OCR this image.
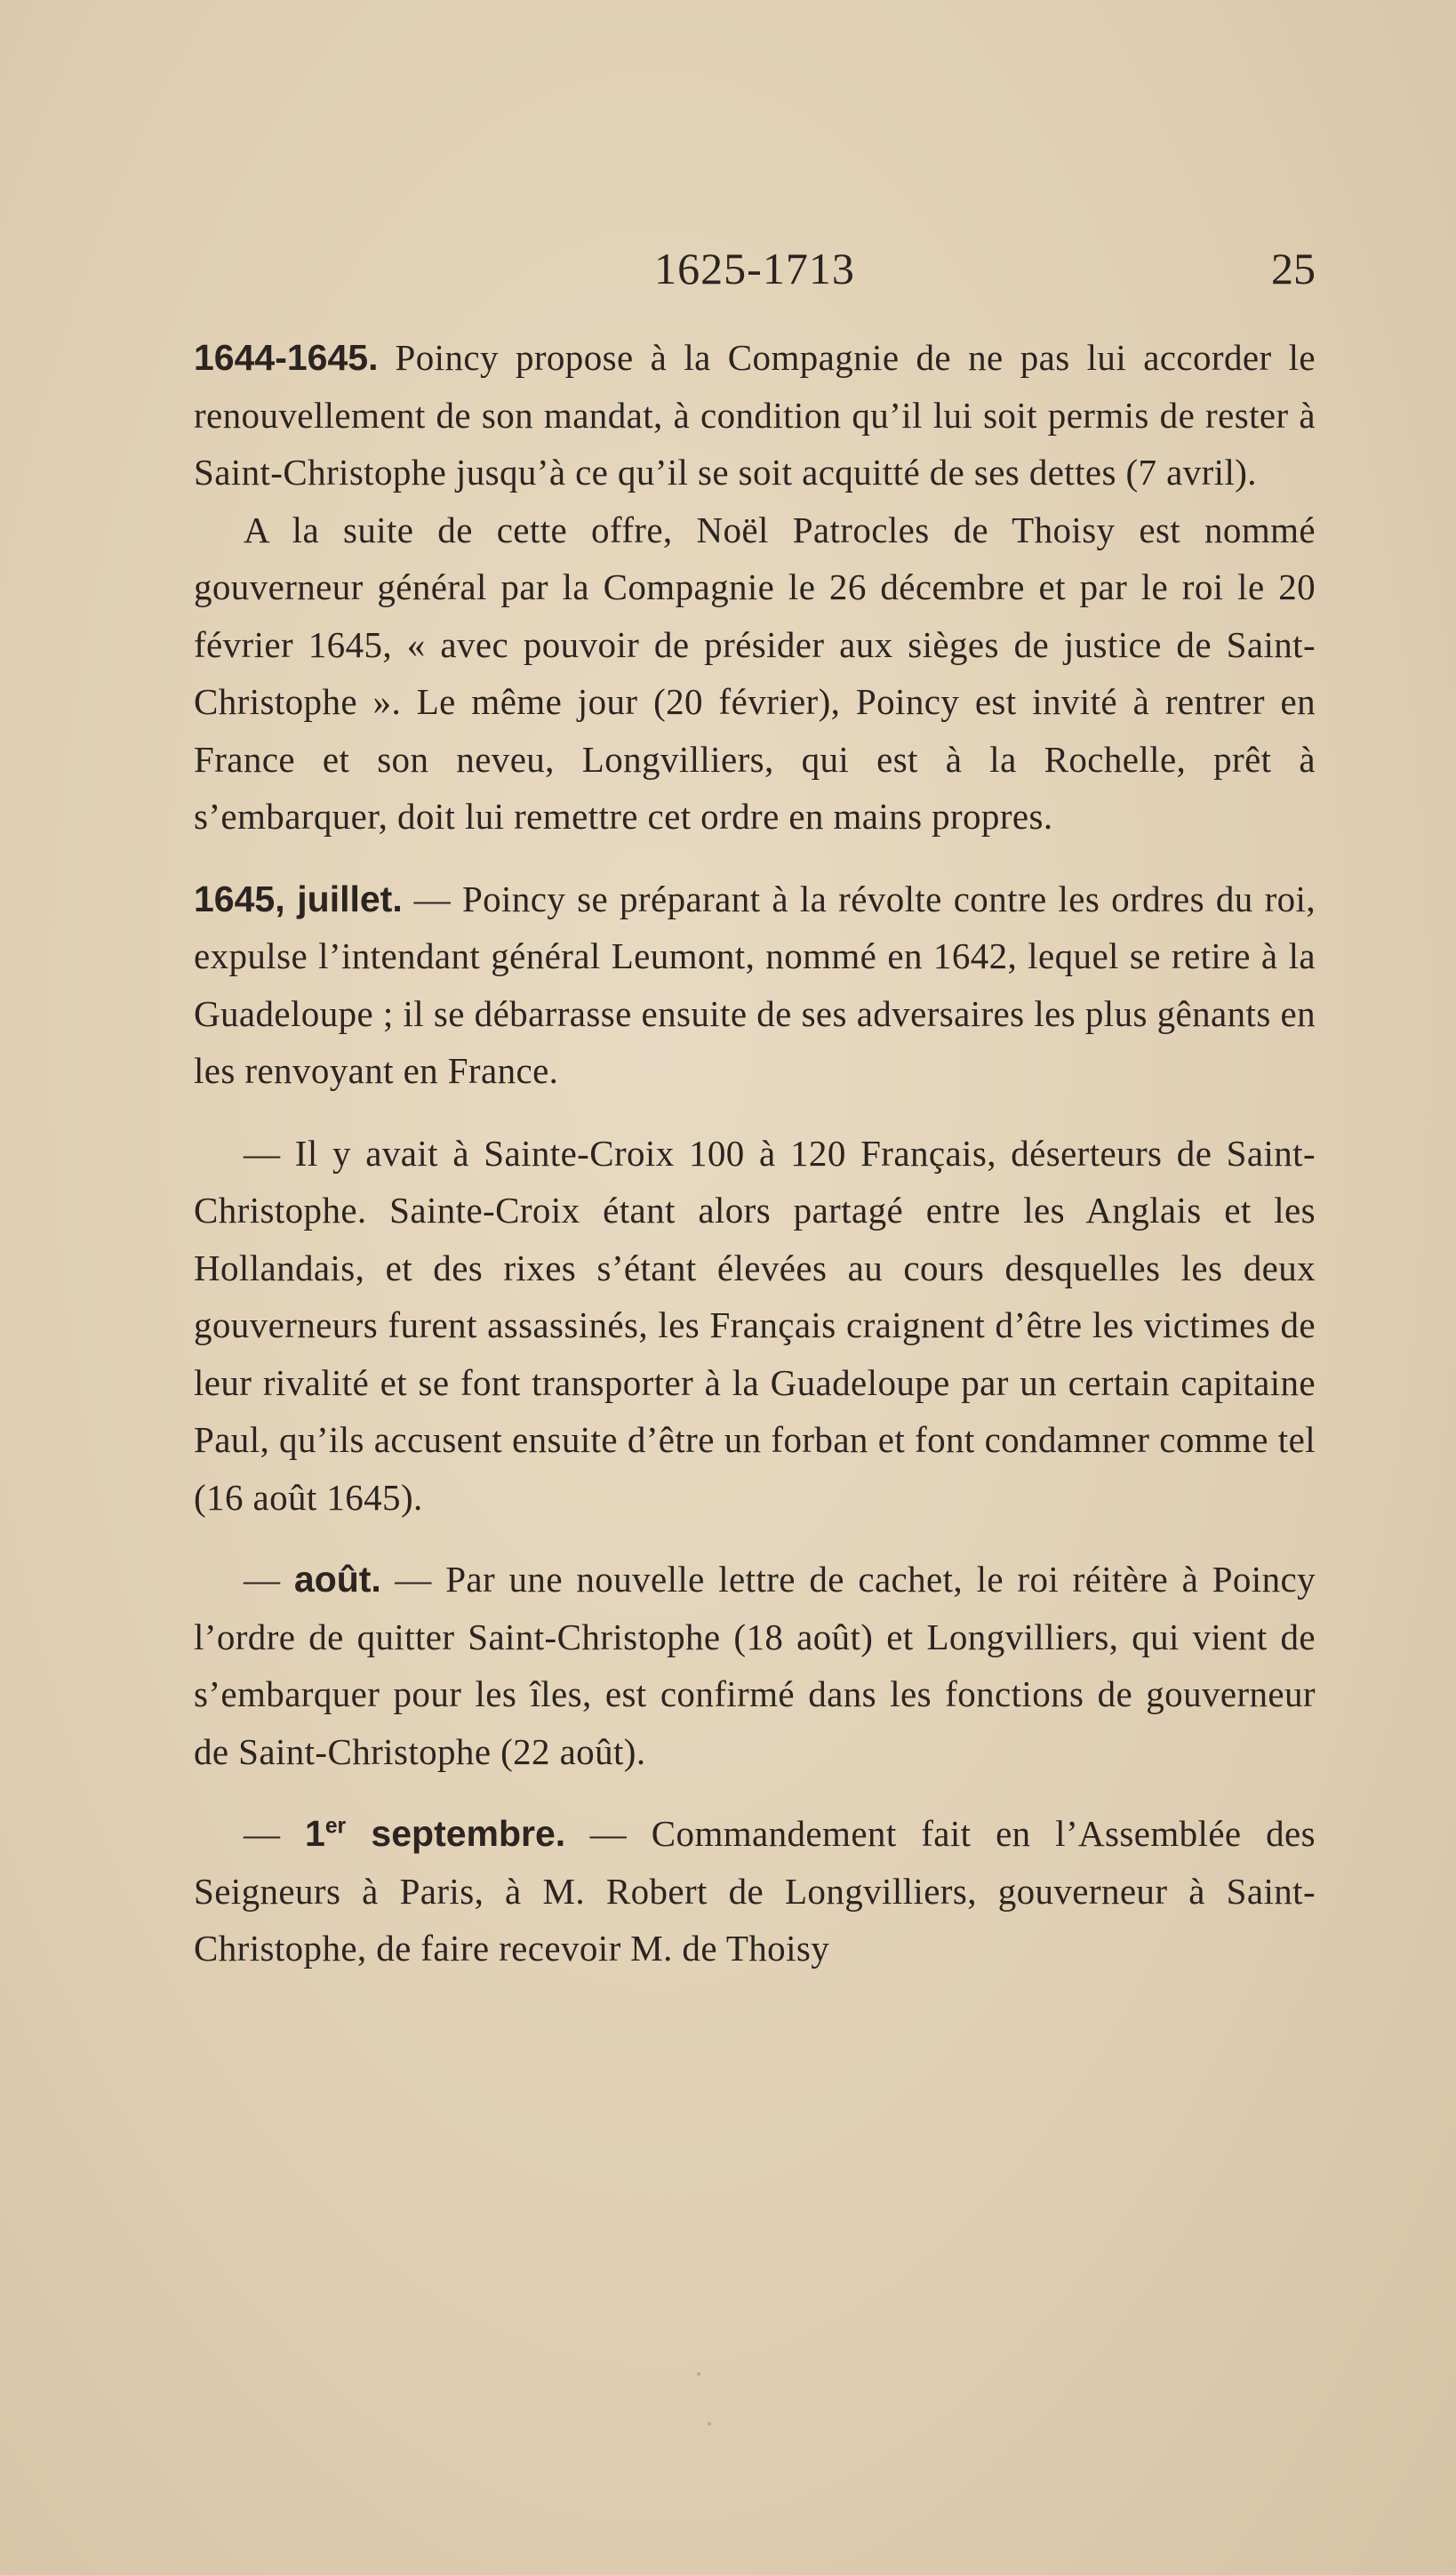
1625-1713	25

1644-1645. Poincy propose à la Compagnie de ne pas lui accorder le renouvellement de son mandat, à condition qu’il lui soit permis de rester à Saint-Christophe jusqu’à ce qu’il se soit acquitté de ses dettes (7 avril).

A la suite de cette offre, Noël Patrocles de Thoisy est nommé gouverneur général par la Compagnie le 26 décembre et par le roi le 20 février 1645, « avec pouvoir de présider aux sièges de justice de Saint-Christophe ». Le même jour (20 février), Poincy est invité à rentrer en France et son neveu, Longvilliers, qui est à la Rochelle, prêt à s’embarquer, doit lui remettre cet ordre en mains propres.

1645, juillet. — Poincy se préparant à la révolte contre les ordres du roi, expulse l’intendant général Leumont, nommé en 1642, lequel se retire à la Guadeloupe ; il se débarrasse ensuite de ses adversaires les plus gênants en les renvoyant en France.

— Il y avait à Sainte-Croix 100 à 120 Français, déserteurs de Saint-Christophe. Sainte-Croix étant alors partagé entre les Anglais et les Hollandais, et des rixes s’étant élevées au cours desquelles les deux gouverneurs furent assassinés, les Français craignent d’être les victimes de leur rivalité et se font transporter à la Guadeloupe par un certain capitaine Paul, qu’ils accusent ensuite d’être un forban et font condamner comme tel (16 août 1645).

— août. — Par une nouvelle lettre de cachet, le roi réitère à Poincy l’ordre de quitter Saint-Christophe (18 août) et Longvilliers, qui vient de s’embarquer pour les îles, est confirmé dans les fonctions de gouverneur de Saint-Christophe (22 août).

— 1er septembre. — Commandement fait en l’Assemblée des Seigneurs à Paris, à M. Robert de Longvilliers, gouverneur à Saint-Christophe, de faire recevoir M. de Thoisy
